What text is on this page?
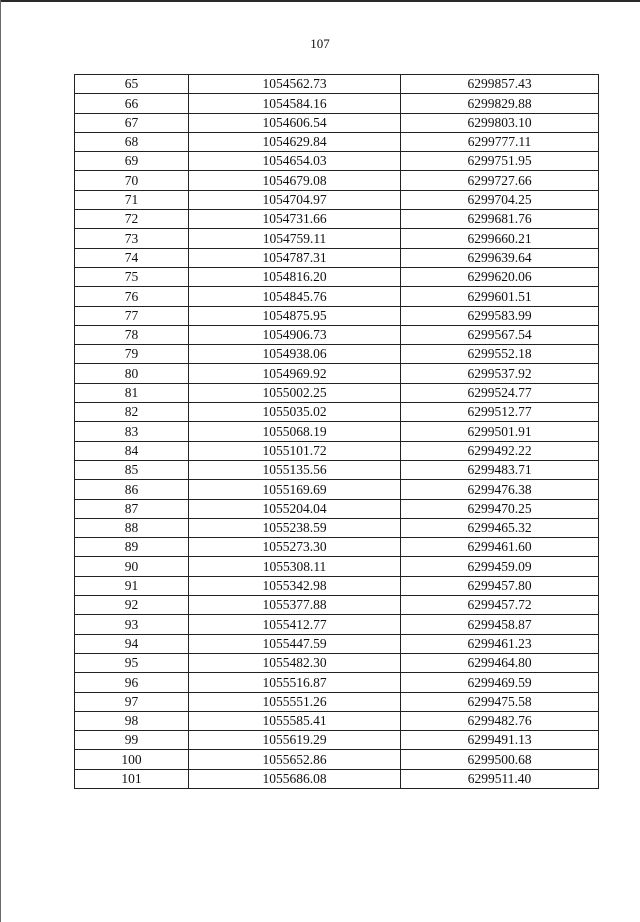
107
65	1054562.73	6299857.43
66	1054584.16	6299829.88
67	1054606.54	6299803.10
68	1054629.84	6299777.11
69	1054654.03	6299751.95
70	1054679.08	6299727.66
71	1054704.97	6299704.25
72	1054731.66	6299681.76
73	1054759.11	6299660.21
74	1054787.31	6299639.64
75	1054816.20	6299620.06
76	1054845.76	6299601.51
77	1054875.95	6299583.99
78	1054906.73	6299567.54
79	1054938.06	6299552.18
80	1054969.92	6299537.92
81	1055002.25	6299524.77
82	1055035.02	6299512.77
83	1055068.19	6299501.91
84	1055101.72	6299492.22
85	1055135.56	6299483.71
86	1055169.69	6299476.38
87	1055204.04	6299470.25
88	1055238.59	6299465.32
89	1055273.30	6299461.60
90	1055308.11	6299459.09
91	1055342.98	6299457.80
92	1055377.88	6299457.72
93	1055412.77	6299458.87
94	1055447.59	6299461.23
95	1055482.30	6299464.80
96	1055516.87	6299469.59
97	1055551.26	6299475.58
98	1055585.41	6299482.76
99	1055619.29	6299491.13
100	1055652.86	6299500.68
101	1055686.08	6299511.40
